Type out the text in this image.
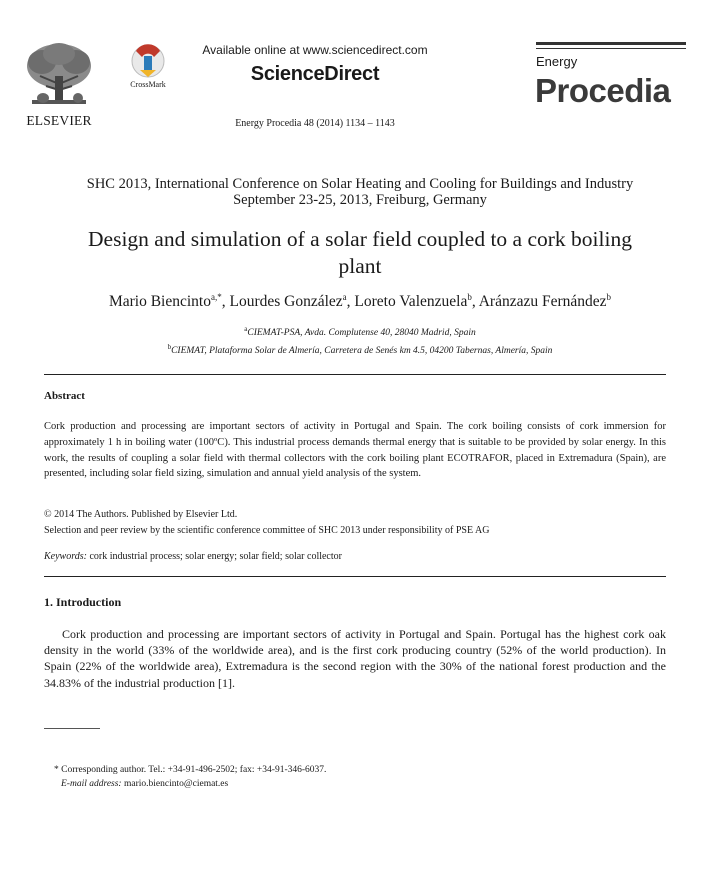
ELSEVIER
CrossMark
Available online at www.sciencedirect.com
ScienceDirect
Energy Procedia 48 (2014) 1134 – 1143
Energy
Procedia
SHC 2013, International Conference on Solar Heating and Cooling for Buildings and Industry
September 23-25, 2013, Freiburg, Germany
Design and simulation of a solar field coupled to a cork boiling
plant
Mario Biencinto$^{a,*}$, Lourdes González$^a$, Loreto Valenzuela$^b$, Aránzazu Fernández$^b$
$^a$CIEMAT-PSA, Avda. Complutense 40, 28040 Madrid, Spain
$^b$CIEMAT, Plataforma Solar de Almería, Carretera de Senés km 4.5, 04200 Tabernas, Almería, Spain
Abstract
Cork production and processing are important sectors of activity in Portugal and Spain. The cork boiling consists of cork immersion for approximately 1 h in boiling water (100ºC). This industrial process demands thermal energy that is suitable to be provided by solar energy. In this work, the results of coupling a solar field with thermal collectors with the cork boiling plant ECOTRAFOR, placed in Extremadura (Spain), are presented, including solar field sizing, simulation and annual yield analysis of the system.
© 2014 The Authors. Published by Elsevier Ltd.
Selection and peer review by the scientific conference committee of SHC 2013 under responsibility of PSE AG
Keywords: cork industrial process; solar energy; solar field; solar collector
1. Introduction
Cork production and processing are important sectors of activity in Portugal and Spain. Portugal has the highest cork oak density in the world (33% of the worldwide area), and is the first cork producing country (52% of the world production). In Spain (22% of the worldwide area), Extremadura is the second region with the 30% of the national forest production and the 34.83% of the industrial production [1].
* Corresponding author. Tel.: +34-91-496-2502; fax: +34-91-346-6037.
E-mail address: mario.biencinto@ciemat.es
